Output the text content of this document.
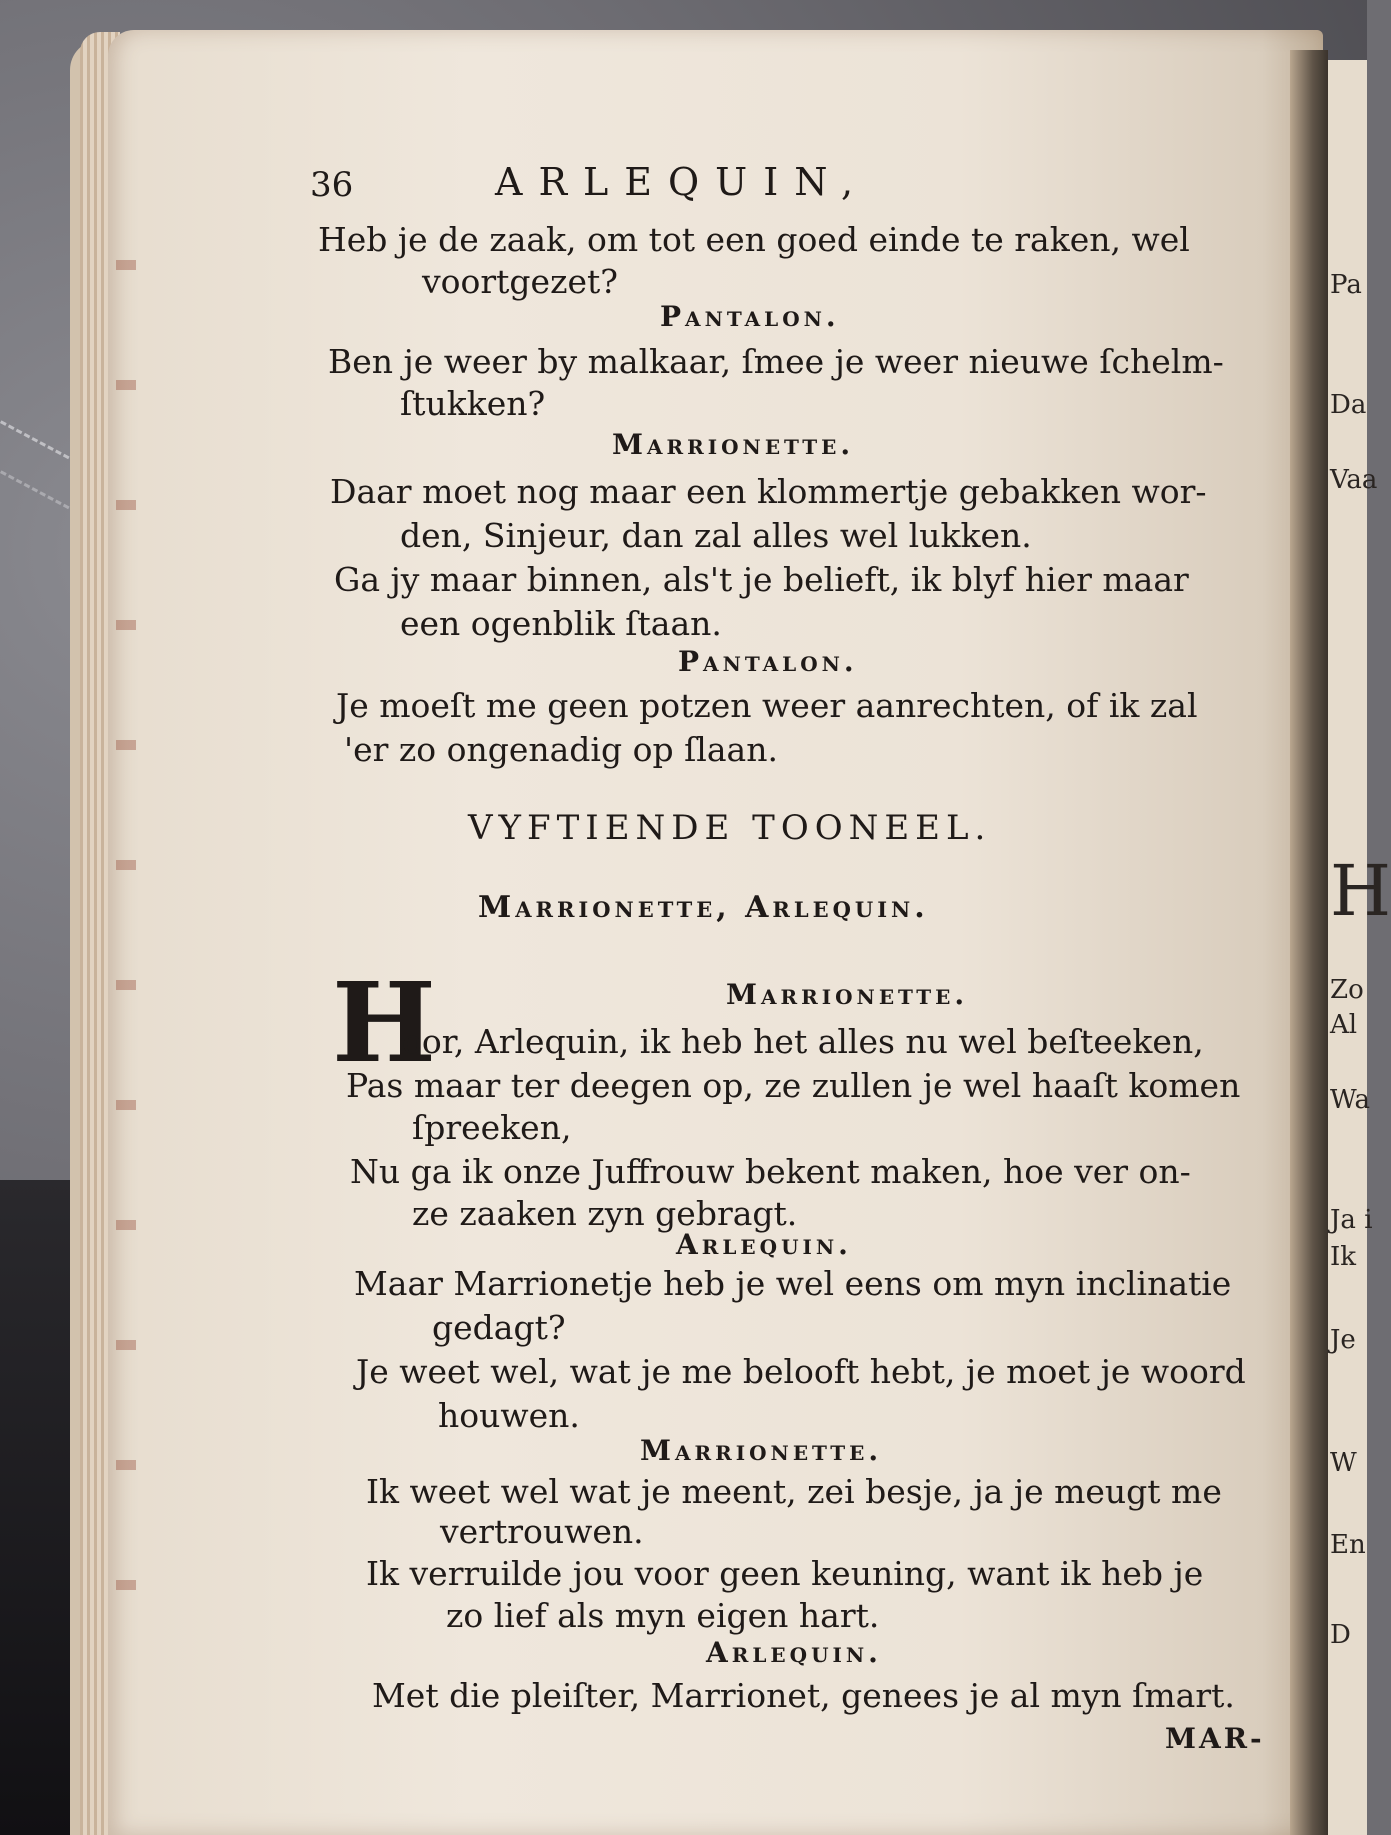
Pa
Da
Vaa
H
Zo
Al
Wa
Ja i
Ik
Je
W
En
D
36	ARLEQUIN,
Heb je de zaak, om tot een goed einde te raken, wel
voortgezet?
Pantalon.
Ben je weer by malkaar, ſmee je weer nieuwe ſchelm-
ſtukken?
Marrionette.
Daar moet nog maar een klommertje gebakken wor-
den, Sinjeur, dan zal alles wel lukken.
Ga jy maar binnen, als't je belieft, ik blyf hier maar
een ogenblik ſtaan.
Pantalon.
Je moeſt me geen potzen weer aanrechten, of ik zal
'er zo ongenadig op ſlaan.
VYFTIENDE TOONEEL.
Marrionette, Arlequin.
H	Marrionette.
oor, Arlequin, ik heb het alles nu wel beſteeken,
Pas maar ter deegen op, ze zullen je wel haaſt komen
ſpreeken,
Nu ga ik onze Juffrouw bekent maken, hoe ver on-
ze zaaken zyn gebragt.
Arlequin.
Maar Marrionetje heb je wel eens om myn inclinatie
gedagt?
Je weet wel, wat je me belooft hebt, je moet je woord
houwen.
Marrionette.
Ik weet wel wat je meent, zei besje, ja je meugt me
vertrouwen.
Ik verruilde jou voor geen keuning, want ik heb je
zo lief als myn eigen hart.
Arlequin.
Met die pleiſter, Marrionet, genees je al myn ſmart.
MAR-
